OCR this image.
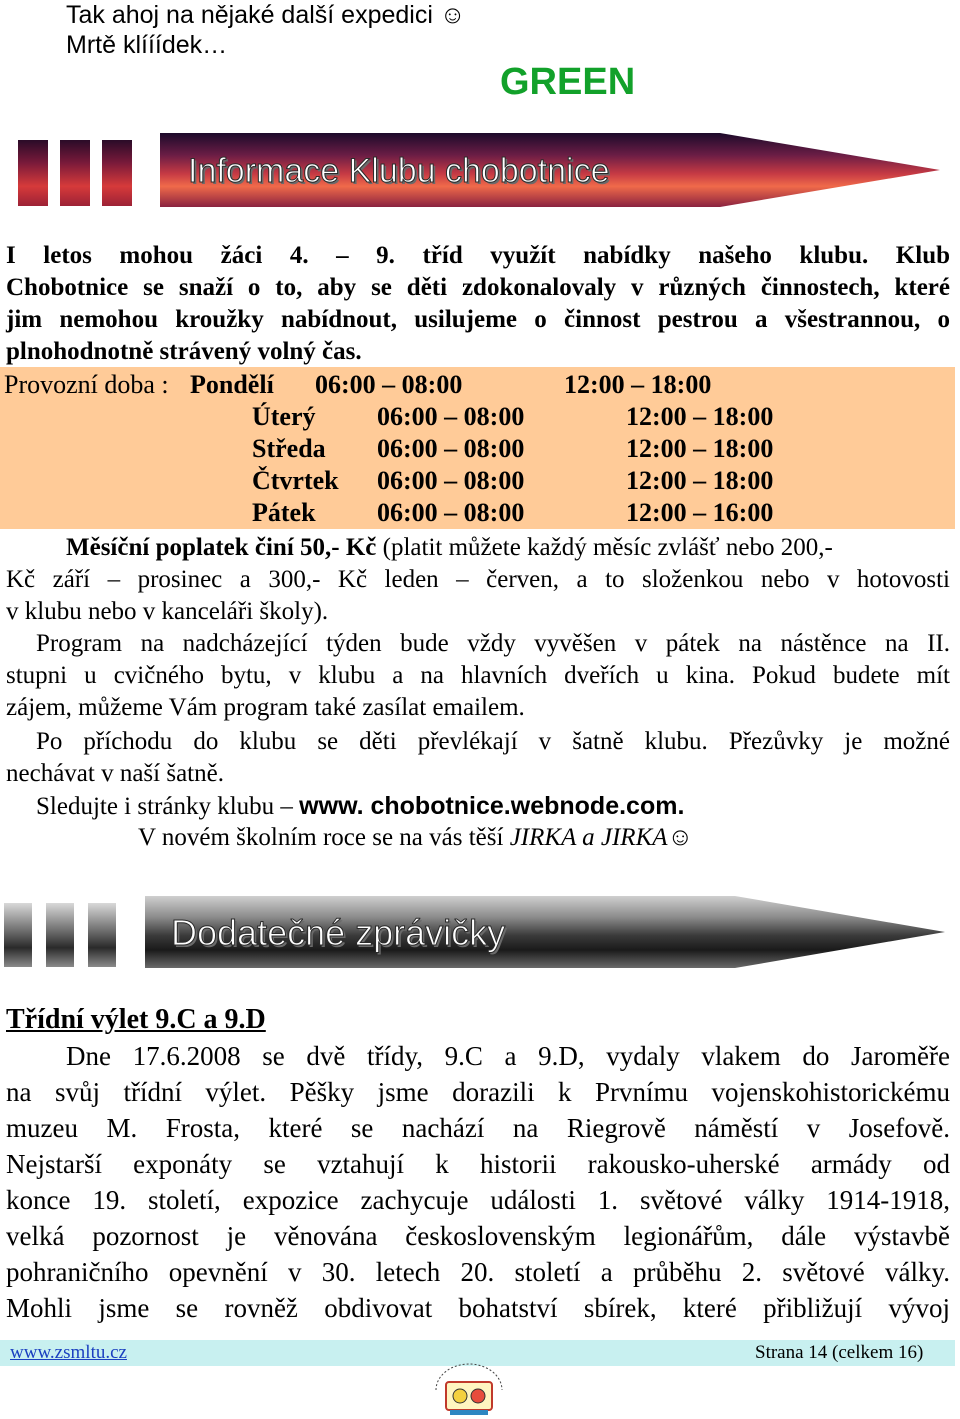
Tak ahoj na nějaké další expedici ☺
Mrtě klííídek…
GREEN
Informace Klubu chobotnice
I letos mohou žáci 4. – 9. tříd využít nabídky našeho klubu. Klub
Chobotnice se snaží o to, aby se děti zdokonalovaly v různých činnostech, které
jim nemohou kroužky nabídnout, usilujeme o činnost pestrou a všestrannou, o
plnohodnotně strávený volný čas.
Provozní doba : Pondělí 06:00 – 08:00	12:00 – 18:00
Úterý 06:00 – 08:00	12:00 – 18:00
Středa 06:00 – 08:00	12:00 – 18:00
Čtvrtek 06:00 – 08:00	12:00 – 18:00
Pátek 06:00 – 08:00	12:00 – 16:00
Měsíční poplatek činí 50,- Kč (platit můžete každý měsíc zvlášť nebo 200,-
Kč září – prosinec a 300,- Kč leden – červen, a to složenkou nebo v hotovosti
v klubu nebo v kanceláři školy).
Program na nadcházející týden bude vždy vyvěšen v pátek na nástěnce na II.
stupni u cvičného bytu, v klubu a na hlavních dveřích u kina. Pokud budete mít
zájem, můžeme Vám program také zasílat emailem.
Po příchodu do klubu se děti převlékají v šatně klubu. Přezůvky je možné
nechávat v naší šatně.
Sledujte i stránky klubu – www. chobotnice.webnode.com.
V novém školním roce se na vás těší JIRKA a JIRKA☺
Dodatečné zprávičky
Třídní výlet 9.C a 9.D
Dne 17.6.2008 se dvě třídy, 9.C a 9.D, vydaly vlakem do Jaroměře
na svůj třídní výlet. Pěšky jsme dorazili k Prvnímu vojenskohistorickému
muzeu M. Frosta, které se nachází na Riegrově náměstí v Josefově.
Nejstarší exponáty se vztahují k historii rakousko-uherské armády od
konce 19. století, expozice zachycuje události 1. světové války 1914-1918,
velká pozornost je věnována československým legionářům, dále výstavbě
pohraničního opevnění v 30. letech 20. století a průběhu 2. světové války.
Mohli jsme se rovněž obdivovat bohatství sbírek, které přibližují vývoj
www.zsmltu.cz	Strana 14 (celkem 16)
